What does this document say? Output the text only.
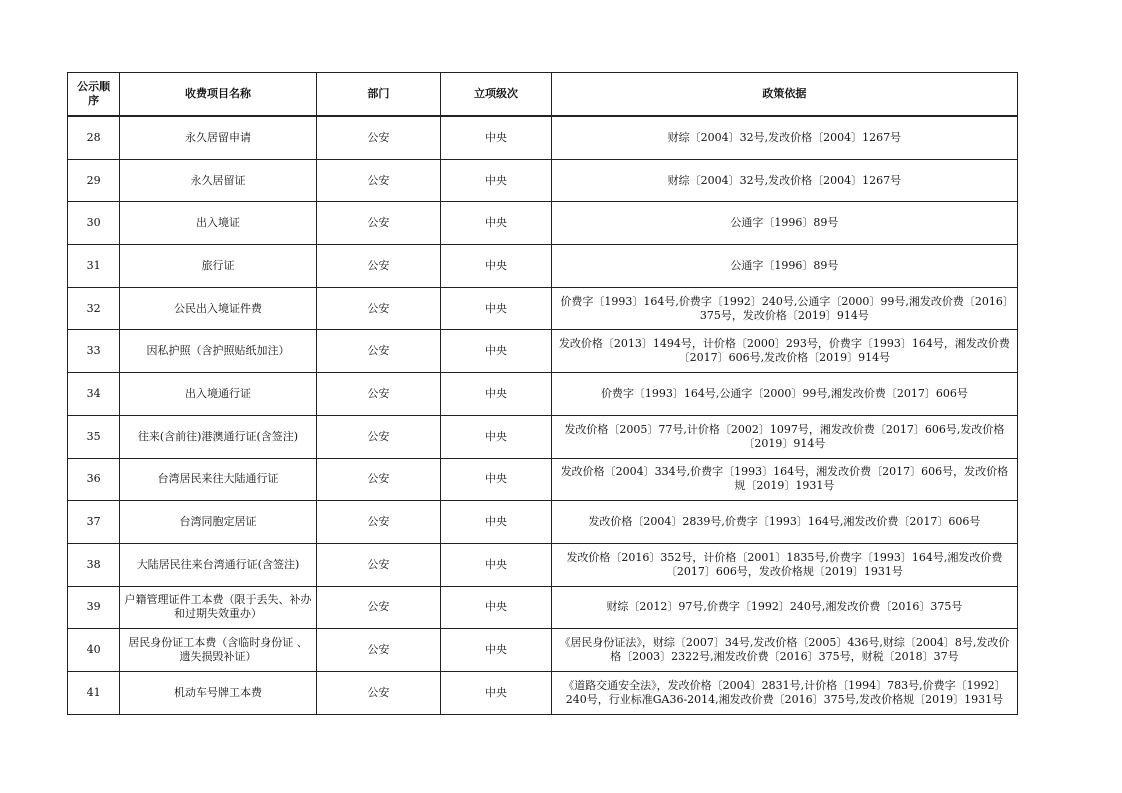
公示顺序	收费项目名称	部门	立项级次	政策依据
28	永久居留申请	公安	中央	财综〔2004〕32号,发改价格〔2004〕1267号
29	永久居留证	公安	中央	财综〔2004〕32号,发改价格〔2004〕1267号
30	出入境证	公安	中央	公通字〔1996〕89号
31	旅行证	公安	中央	公通字〔1996〕89号
32	公民出入境证件费	公安	中央	价费字〔1993〕164号,价费字〔1992〕240号,公通字〔2000〕99号,湘发改价费〔2016〕375号，发改价格〔2019〕914号
33	因私护照（含护照贴纸加注）	公安	中央	发改价格〔2013〕1494号，计价格〔2000〕293号，价费字〔1993〕164号，湘发改价费〔2017〕606号,发改价格〔2019〕914号
34	出入境通行证	公安	中央	价费字〔1993〕164号,公通字〔2000〕99号,湘发改价费〔2017〕606号
35	往来(含前往)港澳通行证(含签注)	公安	中央	发改价格〔2005〕77号,计价格〔2002〕1097号，湘发改价费〔2017〕606号,发改价格〔2019〕914号
36	台湾居民来往大陆通行证	公安	中央	发改价格〔2004〕334号,价费字〔1993〕164号，湘发改价费〔2017〕606号，发改价格规〔2019〕1931号
37	台湾同胞定居证	公安	中央	发改价格〔2004〕2839号,价费字〔1993〕164号,湘发改价费〔2017〕606号
38	大陆居民往来台湾通行证(含签注)	公安	中央	发改价格〔2016〕352号，计价格〔2001〕1835号,价费字〔1993〕164号,湘发改价费〔2017〕606号，发改价格规〔2019〕1931号
39	户籍管理证件工本费（限于丢失、补办和过期失效重办）	公安	中央	财综〔2012〕97号,价费字〔1992〕240号,湘发改价费〔2016〕375号
40	居民身份证工本费（含临时身份证 、遗失损毁补证）	公安	中央	《居民身份证法》，财综〔2007〕34号,发改价格〔2005〕436号,财综〔2004〕8号,发改价格〔2003〕2322号,湘发改价费〔2016〕375号，财税〔2018〕37号
41	机动车号牌工本费	公安	中央	《道路交通安全法》，发改价格〔2004〕2831号,计价格〔1994〕783号,价费字〔1992〕240号，行业标准GA36-2014,湘发改价费〔2016〕375号,发改价格规〔2019〕1931号
